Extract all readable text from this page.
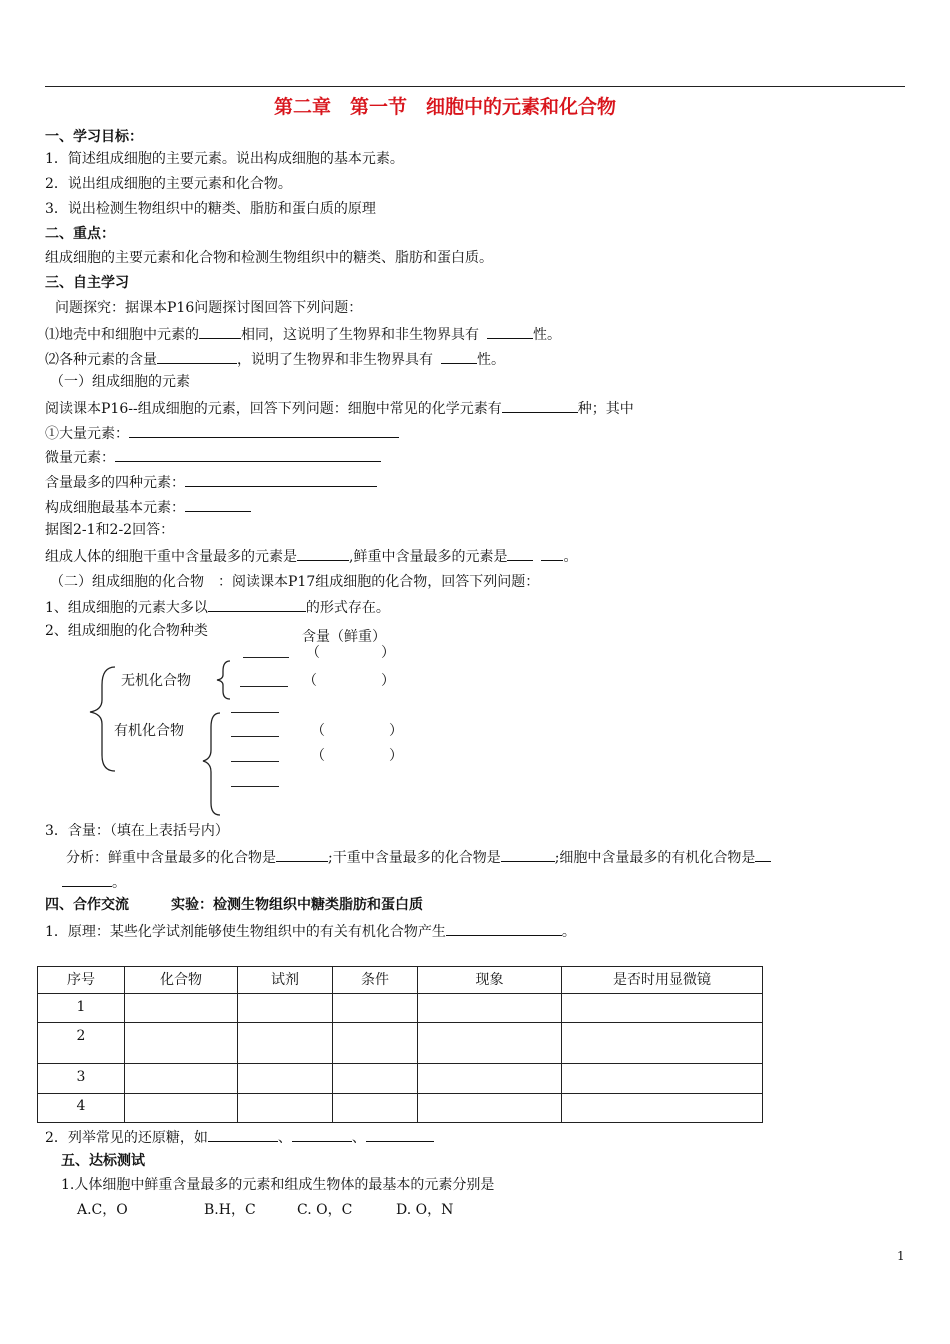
第二章　第一节　细胞中的元素和化合物
一、学习目标：
1．简述组成细胞的主要元素。说出构成细胞的基本元素。
2．说出组成细胞的主要元素和化合物。
3．说出检测生物组织中的糖类、脂肪和蛋白质的原理
二、重点：
组成细胞的主要元素和化合物和检测生物组织中的糖类、脂肪和蛋白质。
三、自主学习
问题探究：据课本P16问题探讨图回答下列问题：
⑴地壳中和细胞中元素的	相同，这说明了生物界和非生物界具有	性。
⑵各种元素的含量	，说明了生物界和非生物界具有	性。
（一）组成细胞的元素
阅读课本P16--组成细胞的元素，回答下列问题：细胞中常见的化学元素有	种；其中
①大量元素：
微量元素：
含量最多的四种元素：
构成细胞最基本元素：
据图2-1和2-2回答：
组成人体的细胞干重中含量最多的元素是	,鲜重中含量最多的元素是	。
（二）组成细胞的化合物　：阅读课本P17组成细胞的化合物，回答下列问题：
1、组成细胞的元素大多以	的形式存在。
2、组成细胞的化合物种类	含量（鲜重）
无机化合物
有机化合物
（	）
（	）
（	）
（	）
3．含量：（填在上表括号内）
分析：鲜重中含量最多的化合物是	;干重中含量最多的化合物是	;细胞中含量最多的有机化合物是
。
四、合作交流　　　实验：检测生物组织中糖类脂肪和蛋白质
1．原理：某些化学试剂能够使生物组织中的有关有机化合物产生	。
序号	化合物	试剂	条件	现象	是否时用显微镜
1					
2					
3					
4					
2．列举常见的还原糖，如	、	、
五、达标测试
1.人体细胞中鲜重含量最多的元素和组成生物体的最基本的元素分别是
A.C，O	B.H，C	C. O，C	D. O，N
1
